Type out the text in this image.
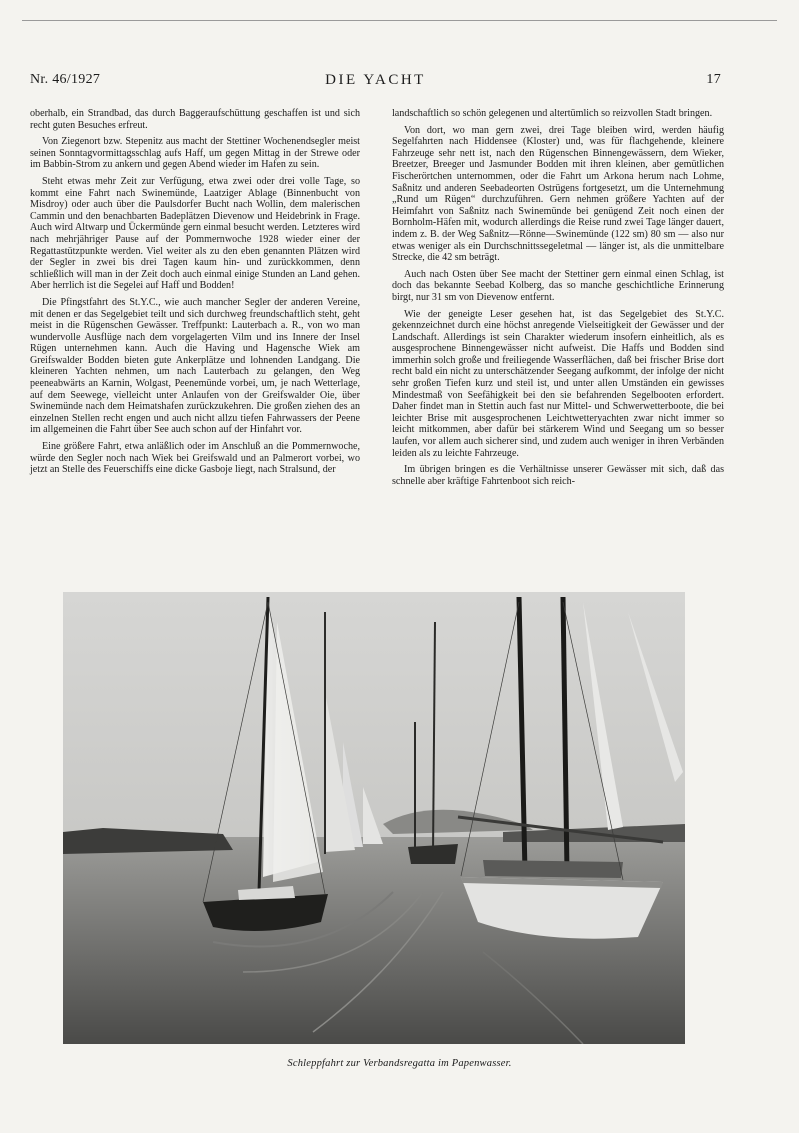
Nr. 46/1927	DIE YACHT	17

oberhalb, ein Strandbad, das durch Baggeraufschüttung geschaffen ist und sich recht guten Besuches erfreut.

Von Ziegenort bzw. Stepenitz aus macht der Stettiner Wochenendsegler meist seinen Sonntagvormittagsschlag aufs Haff, um gegen Mittag in der Strewe oder im Babbin-Strom zu ankern und gegen Abend wieder im Hafen zu sein.

Steht etwas mehr Zeit zur Verfügung, etwa zwei oder drei volle Tage, so kommt eine Fahrt nach Swinemünde, Laatziger Ablage (Binnenbucht von Misdroy) oder auch über die Paulsdorfer Bucht nach Wollin, dem malerischen Cammin und den benachbarten Badeplätzen Dievenow und Heidebrink in Frage. Auch wird Altwarp und Ückermünde gern einmal besucht werden. Letzteres wird nach mehrjähriger Pause auf der Pommernwoche 1928 wieder einer der Regattastützpunkte werden. Viel weiter als zu den eben genannten Plätzen wird der Segler in zwei bis drei Tagen kaum hin- und zurückkommen, denn schließlich will man in der Zeit doch auch einmal einige Stunden an Land gehen. Aber herrlich ist die Segelei auf Haff und Bodden!

Die Pfingstfahrt des St.Y.C., wie auch mancher Segler der anderen Vereine, mit denen er das Segelgebiet teilt und sich durchweg freundschaftlich steht, geht meist in die Rügenschen Gewässer. Treffpunkt: Lauterbach a. R., von wo man wundervolle Ausflüge nach dem vorgelagerten Vilm und ins Innere der Insel Rügen unternehmen kann. Auch die Having und Hagensche Wiek am Greifswalder Bodden bieten gute Ankerplätze und lohnenden Landgang. Die kleineren Yachten nehmen, um nach Lauterbach zu gelangen, den Weg peeneabwärts an Karnin, Wolgast, Peenemünde vorbei, um, je nach Wetterlage, auf dem Seewege, vielleicht unter Anlaufen von der Greifswalder Oie, über Swinemünde nach dem Heimatshafen zurückzukehren. Die großen ziehen des an einzelnen Stellen recht engen und auch nicht allzu tiefen Fahrwassers der Peene im allgemeinen die Fahrt über See auch schon auf der Hinfahrt vor.

Eine größere Fahrt, etwa anläßlich oder im Anschluß an die Pommernwoche, würde den Segler noch nach Wiek bei Greifswald und an Palmerort vorbei, wo jetzt an Stelle des Feuerschiffs eine dicke Gasboje liegt, nach Stralsund, der

landschaftlich so schön gelegenen und altertümlich so reizvollen Stadt bringen.

Von dort, wo man gern zwei, drei Tage bleiben wird, werden häufig Segelfahrten nach Hiddensee (Kloster) und, was für flachgehende, kleinere Fahrzeuge sehr nett ist, nach den Rügenschen Binnengewässern, dem Wieker, Breetzer, Breeger und Jasmunder Bodden mit ihren kleinen, aber gemütlichen Fischerörtchen unternommen, oder die Fahrt um Arkona herum nach Lohme, Saßnitz und anderen Seebadeorten Ostrügens fortgesetzt, um die Unternehmung „Rund um Rügen“ durchzuführen. Gern nehmen größere Yachten auf der Heimfahrt von Saßnitz nach Swinemünde bei genügend Zeit noch einen der Bornholm-Häfen mit, wodurch allerdings die Reise rund zwei Tage länger dauert, indem z. B. der Weg Saßnitz—Rönne—Swinemünde (122 sm) 80 sm — also nur etwas weniger als ein Durchschnittssegeletmal — länger ist, als die unmittelbare Strecke, die 42 sm beträgt.

Auch nach Osten über See macht der Stettiner gern einmal einen Schlag, ist doch das bekannte Seebad Kolberg, das so manche geschichtliche Erinnerung birgt, nur 31 sm von Dievenow entfernt.

Wie der geneigte Leser gesehen hat, ist das Segelgebiet des St.Y.C. gekennzeichnet durch eine höchst anregende Vielseitigkeit der Gewässer und der Landschaft. Allerdings ist sein Charakter wiederum insofern einheitlich, als es ausgesprochene Binnengewässer nicht aufweist. Die Haffs und Bodden sind immerhin solch große und freiliegende Wasserflächen, daß bei frischer Brise dort recht bald ein nicht zu unterschätzender Seegang aufkommt, der infolge der nicht sehr großen Tiefen kurz und steil ist, und unter allen Umständen ein gewisses Mindestmaß von Seefähigkeit bei den sie befahrenden Segelbooten erfordert. Daher findet man in Stettin auch fast nur Mittel- und Schwerwetterboote, die bei leichter Brise mit ausgesprochenen Leichtwetteryachten zwar nicht immer so leicht mitkommen, aber dafür bei stärkerem Wind und Seegang um so besser laufen, vor allem auch sicherer sind, und zudem auch weniger in ihren Verbänden leiden als zu leichte Fahrzeuge.

Im übrigen bringen es die Verhältnisse unserer Gewässer mit sich, daß das schnelle aber kräftige Fahrtenboot sich reich-

Schleppfahrt zur Verbandsregatta im Papenwasser.
